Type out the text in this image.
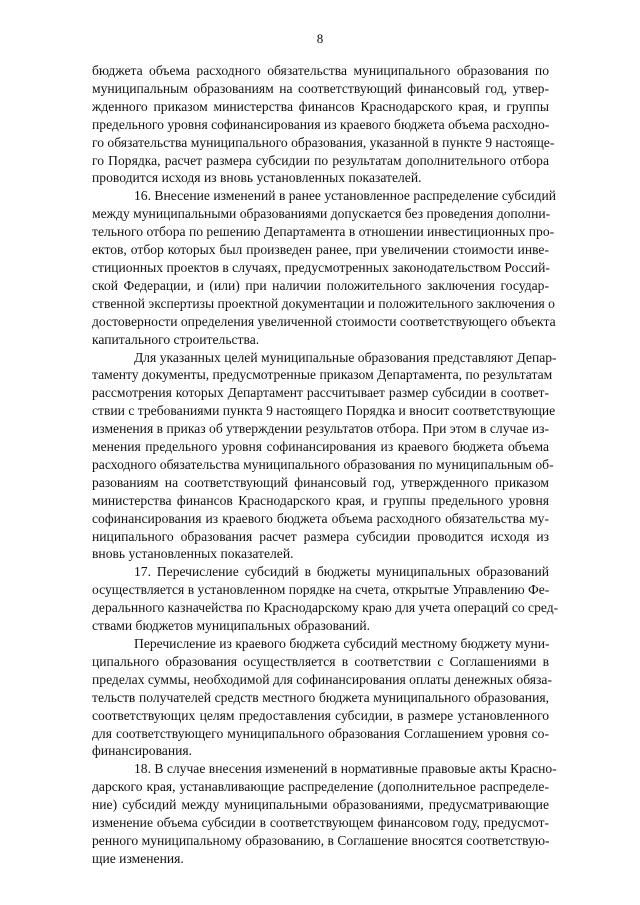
8
бюджета объема расходного обязательства муниципального образования по
муниципальным образованиям на соответствующий финансовый год, утвер-
жденного приказом министерства финансов Краснодарского края, и группы
предельного уровня софинансирования из краевого бюджета объема расходно-
го обязательства муниципального образования, указанной в пункте 9 настояще-
го Порядка, расчет размера субсидии по результатам дополнительного отбора
проводится исходя из вновь установленных показателей.
16. Внесение изменений в ранее установленное распределение субсидий
между муниципальными образованиями допускается без проведения дополни-
тельного отбора по решению Департамента в отношении инвестиционных про-
ектов, отбор которых был произведен ранее, при увеличении стоимости инве-
стиционных проектов в случаях, предусмотренных законодательством Россий-
ской Федерации, и (или) при наличии положительного заключения государ-
ственной экспертизы проектной документации и положительного заключения о
достоверности определения увеличенной стоимости соответствующего объекта
капитального строительства.
Для указанных целей муниципальные образования представляют Депар-
таменту документы, предусмотренные приказом Департамента, по результатам
рассмотрения которых Департамент рассчитывает размер субсидии в соответ-
ствии с требованиями пункта 9 настоящего Порядка и вносит соответствующие
изменения в приказ об утверждении результатов отбора. При этом в случае из-
менения предельного уровня софинансирования из краевого бюджета объема
расходного обязательства муниципального образования по муниципальным об-
разованиям на соответствующий финансовый год, утвержденного приказом
министерства финансов Краснодарского края, и группы предельного уровня
софинансирования из краевого бюджета объема расходного обязательства му-
ниципального образования расчет размера субсидии проводится исходя из
вновь установленных показателей.
17. Перечисление субсидий в бюджеты муниципальных образований
осуществляется в установленном порядке на счета, открытые Управлению Фе-
деральнного казначейства по Краснодарскому краю для учета операций со сред-
ствами бюджетов муниципальных образований.
Перечисление из краевого бюджета субсидий местному бюджету муни-
ципального образования осуществляется в соответствии с Соглашениями в
пределах суммы, необходимой для софинансирования оплаты денежных обяза-
тельств получателей средств местного бюджета муниципального образования,
соответствующих целям предоставления субсидии, в размере установленного
для соответствующего муниципального образования Соглашением уровня со-
финансирования.
18. В случае внесения изменений в нормативные правовые акты Красно-
дарского края, устанавливающие распределение (дополнительное распределе-
ние) субсидий между муниципальными образованиями, предусматривающие
изменение объема субсидии в соответствующем финансовом году, предусмот-
ренного муниципальному образованию, в Соглашение вносятся соответствую-
щие изменения.
